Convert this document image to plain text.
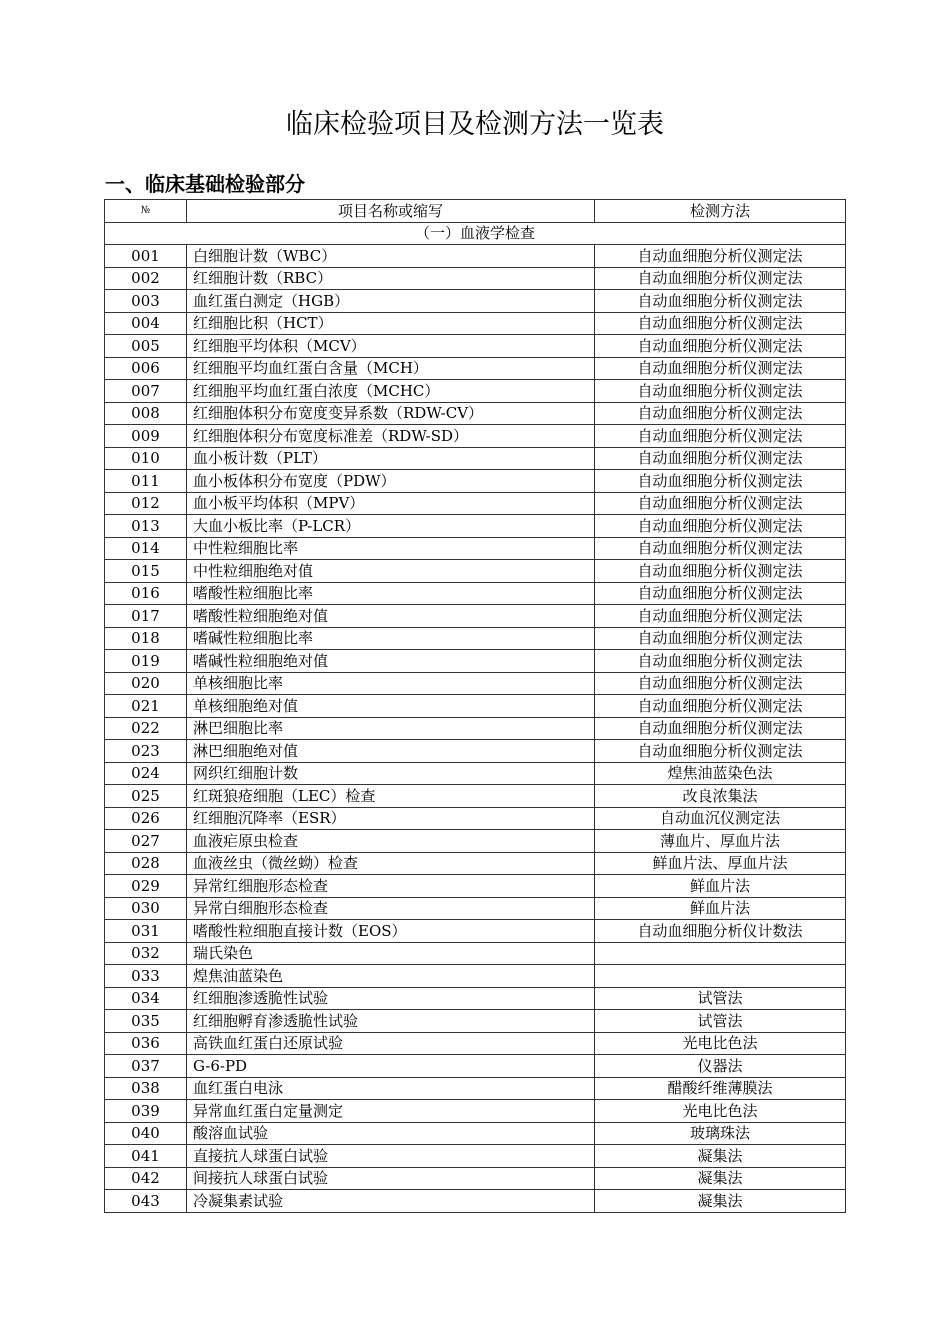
临床检验项目及检测方法一览表
一、临床基础检验部分
№	项目名称或缩写	检测方法
（一）血液学检查		
001	白细胞计数（WBC）	自动血细胞分析仪测定法
002	红细胞计数（RBC）	自动血细胞分析仪测定法
003	血红蛋白测定（HGB）	自动血细胞分析仪测定法
004	红细胞比积（HCT）	自动血细胞分析仪测定法
005	红细胞平均体积（MCV）	自动血细胞分析仪测定法
006	红细胞平均血红蛋白含量（MCH）	自动血细胞分析仪测定法
007	红细胞平均血红蛋白浓度（MCHC）	自动血细胞分析仪测定法
008	红细胞体积分布宽度变异系数（RDW-CV）	自动血细胞分析仪测定法
009	红细胞体积分布宽度标准差（RDW-SD）	自动血细胞分析仪测定法
010	血小板计数（PLT）	自动血细胞分析仪测定法
011	血小板体积分布宽度（PDW）	自动血细胞分析仪测定法
012	血小板平均体积（MPV）	自动血细胞分析仪测定法
013	大血小板比率（P-LCR）	自动血细胞分析仪测定法
014	中性粒细胞比率	自动血细胞分析仪测定法
015	中性粒细胞绝对值	自动血细胞分析仪测定法
016	嗜酸性粒细胞比率	自动血细胞分析仪测定法
017	嗜酸性粒细胞绝对值	自动血细胞分析仪测定法
018	嗜碱性粒细胞比率	自动血细胞分析仪测定法
019	嗜碱性粒细胞绝对值	自动血细胞分析仪测定法
020	单核细胞比率	自动血细胞分析仪测定法
021	单核细胞绝对值	自动血细胞分析仪测定法
022	淋巴细胞比率	自动血细胞分析仪测定法
023	淋巴细胞绝对值	自动血细胞分析仪测定法
024	网织红细胞计数	煌焦油蓝染色法
025	红斑狼疮细胞（LEC）检查	改良浓集法
026	红细胞沉降率（ESR）	自动血沉仪测定法
027	血液疟原虫检查	薄血片、厚血片法
028	血液丝虫（微丝蚴）检查	鲜血片法、厚血片法
029	异常红细胞形态检查	鲜血片法
030	异常白细胞形态检查	鲜血片法
031	嗜酸性粒细胞直接计数（EOS）	自动血细胞分析仪计数法
032	瑞氏染色	
033	煌焦油蓝染色	
034	红细胞渗透脆性试验	试管法
035	红细胞孵育渗透脆性试验	试管法
036	高铁血红蛋白还原试验	光电比色法
037	G-6-PD	仪器法
038	血红蛋白电泳	醋酸纤维薄膜法
039	异常血红蛋白定量测定	光电比色法
040	酸溶血试验	玻璃珠法
041	直接抗人球蛋白试验	凝集法
042	间接抗人球蛋白试验	凝集法
043	冷凝集素试验	凝集法
